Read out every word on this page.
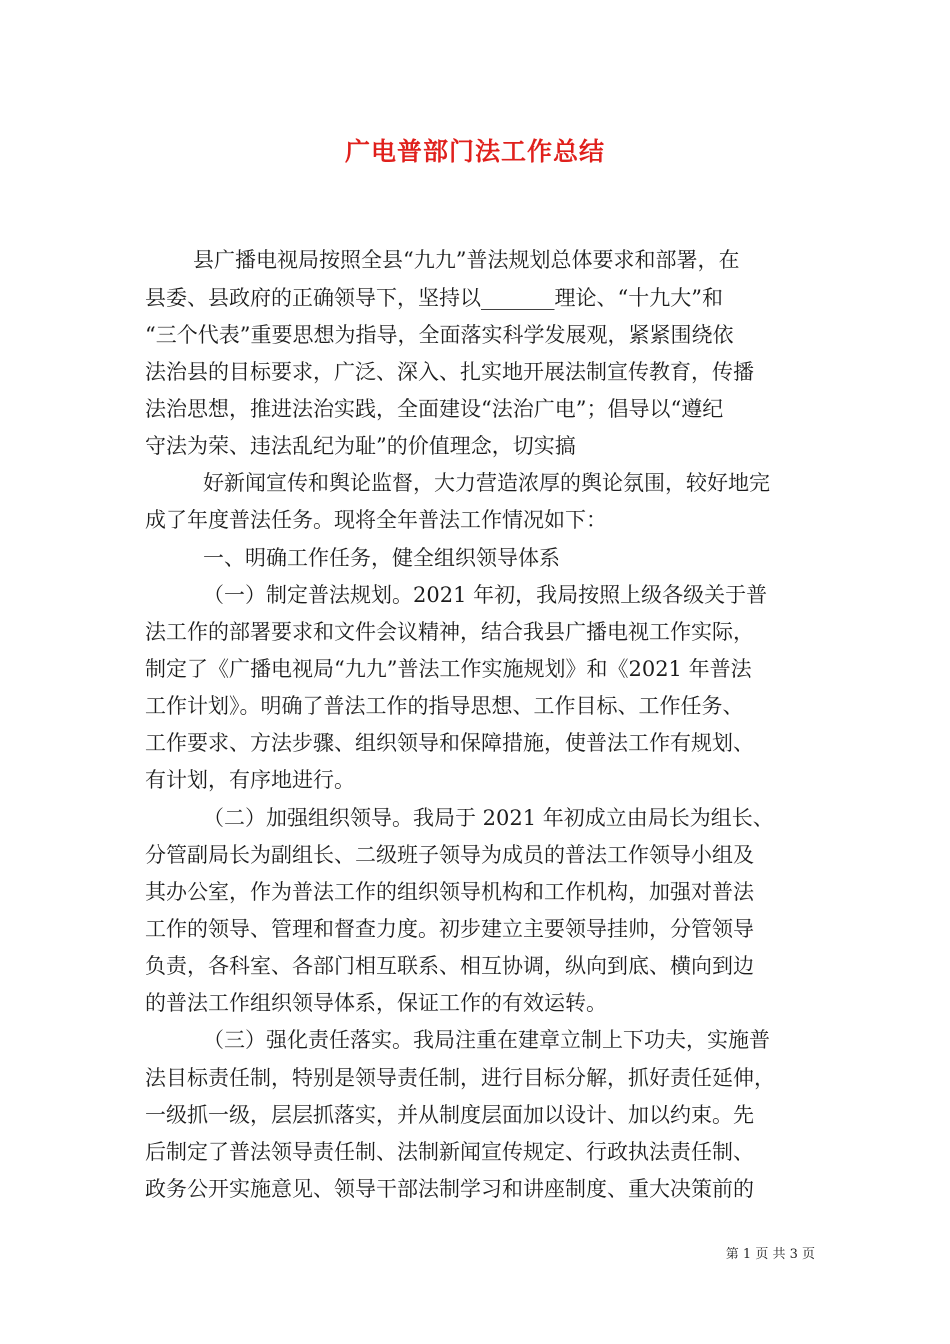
广电普部门法工作总结
县广播电视局按照全县“九九”普法规划总体要求和部署，在
县委、县政府的正确领导下，坚持以_______理论、“十九大”和
“三个代表”重要思想为指导，全面落实科学发展观，紧紧围绕依
法治县的目标要求，广泛、深入、扎实地开展法制宣传教育，传播
法治思想，推进法治实践，全面建设“法治广电”；倡导以“遵纪
守法为荣、违法乱纪为耻”的价值理念，切实搞
好新闻宣传和舆论监督，大力营造浓厚的舆论氛围，较好地完
成了年度普法任务。现将全年普法工作情况如下：
一、明确工作任务，健全组织领导体系
（一）制定普法规划。2021 年初，我局按照上级各级关于普
法工作的部署要求和文件会议精神，结合我县广播电视工作实际，
制定了《广播电视局“九九”普法工作实施规划》和《2021 年普法
工作计划》。明确了普法工作的指导思想、工作目标、工作任务、
工作要求、方法步骤、组织领导和保障措施，使普法工作有规划、
有计划，有序地进行。
（二）加强组织领导。我局于 2021 年初成立由局长为组长、
分管副局长为副组长、二级班子领导为成员的普法工作领导小组及
其办公室，作为普法工作的组织领导机构和工作机构，加强对普法
工作的领导、管理和督查力度。初步建立主要领导挂帅，分管领导
负责，各科室、各部门相互联系、相互协调，纵向到底、横向到边
的普法工作组织领导体系，保证工作的有效运转。
（三）强化责任落实。我局注重在建章立制上下功夫，实施普
法目标责任制，特别是领导责任制，进行目标分解，抓好责任延伸，
一级抓一级，层层抓落实，并从制度层面加以设计、加以约束。先
后制定了普法领导责任制、法制新闻宣传规定、行政执法责任制、
政务公开实施意见、领导干部法制学习和讲座制度、重大决策前的
第 1 页 共 3 页
